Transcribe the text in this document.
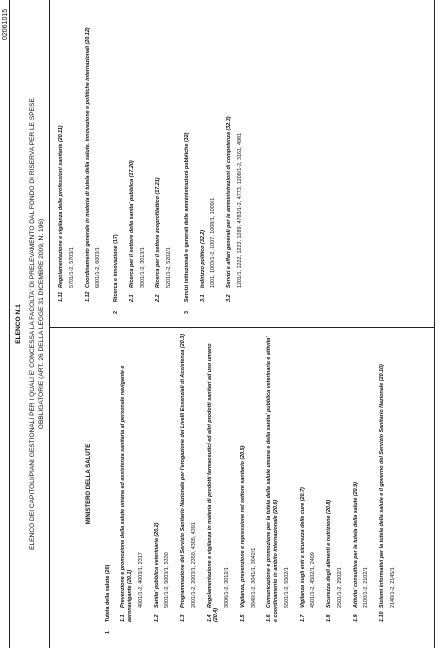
02061015
ELENCO N.1 ELENCO DEI CAPITOLI/PIANI GESTIONALI PER I QUALI E' CONCESSA LA FACOLTA' DI PRELEVAMENTO DAL FONDO DI RISERVA PER LE SPESE OBBLIGATORIE (ART. 26 DELLA LEGGE 31 DICEMBRE 2009, N. 196)
MINISTERO DELLA SALUTE
1Tutela della salute (20) 1.1Prevenzione e promozione della salute umana ed assistenza sanitaria al personale navigante e aeronavigante (20.1) 4001/1-2, 4003/1, 2317
1.2Sanita' pubblica veterinaria (20.2) 5001/1-2, 5003/1, 5330
1.3Programmazione del Servizio Sanitario Nazionale per l'erogazione dei Livelli Essenziali di Assistenza (20.3) 2001/1-2, 2003/1, 2350, 4305, 4391
1.4Regolamentazione e vigilanza in materia di prodotti farmaceutici ed altri prodotti sanitari ad uso umano (20.4)
3006/1-2, 3012/1
1.5Vigilanza, prevenzione e repressione nel settore sanitario (20.5) 3040/1-2, 3041/1, 3042/1
1.6Comunicazione e promozione per la tutela della salute umana e della sanita' pubblica veterinaria e attivita' e coordinamento in ambito internazionale (20.6) 5501/1-2, 5502/1
1.7Vigilanza sugli enti e sicurezza delle cure (20.7) 4501/1-2, 4502/1, 2409
1.8Sicurezza degli alimenti e nutrizione (20.8) 2501/1-2, 2502/1
1.9Attivita' consultiva per la tutela della salute (20.9) 2100/1-2, 2102/1
1.10Sistemi informativi per la tutela della salute e il governo del Servizio Sanitario Nazionale (20.10) 2140/1-2, 2145/1
1.11Regolamentazione e vigilanza delle professioni sanitarie (20.11) 5701/1-2, 5703/1
1.12Coordinamento generale in materia di tutela della salute, innovazione e politiche internazionali (20.12) 6001/1-2, 6003/1
2Ricerca e innovazione (17) 2.1Ricerca per il settore della sanita' pubblica (17.20) 3001/1-2, 3013/1
2.2Ricerca per il settore zooprofilattico (17.21) 5201/1-2, 5202/1
3Servizi istituzionali e generali delle amministrazioni pubbliche (32) 3.1Indirizzo politico (32.2) 1001, 1003/1-2, 1007, 1008/1, 1009/1
3.2Servizi e affari generali per le amministrazioni di competenza (32.3) 1201/1, 1222, 1223, 1289, 4783/1-2, 4773, 1208/1-2, 3161, 4981
